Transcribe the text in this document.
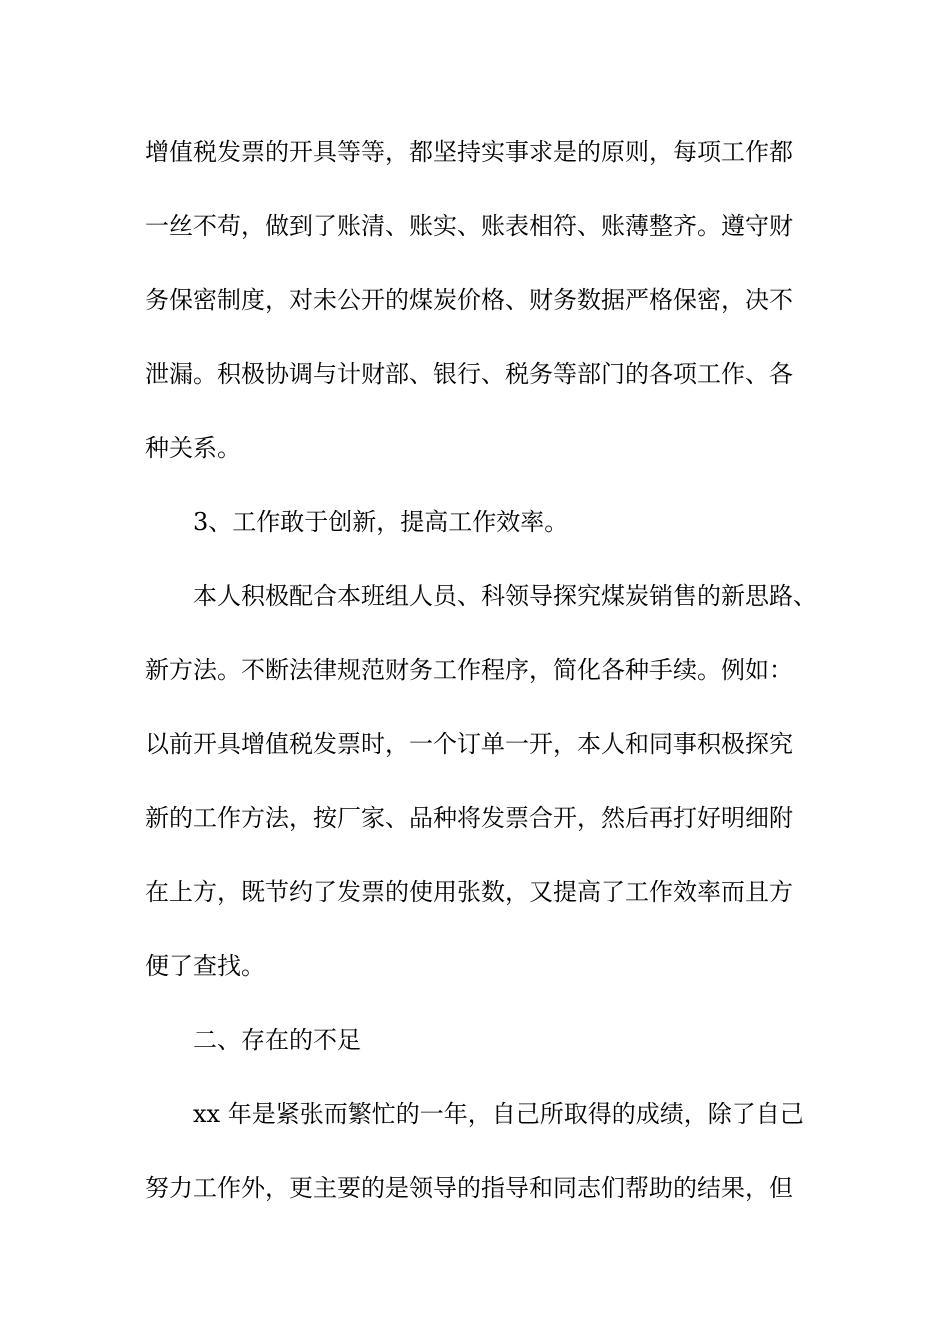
增值税发票的开具等等，都坚持实事求是的原则，每项工作都
一丝不苟，做到了账清、账实、账表相符、账薄整齐。遵守财
务保密制度，对未公开的煤炭价格、财务数据严格保密，决不
泄漏。积极协调与计财部、银行、税务等部门的各项工作、各
种关系。
3、工作敢于创新，提高工作效率。
本人积极配合本班组人员、科领导探究煤炭销售的新思路、
新方法。不断法律规范财务工作程序，简化各种手续。例如：
以前开具增值税发票时，一个订单一开，本人和同事积极探究
新的工作方法，按厂家、品种将发票合开，然后再打好明细附
在上方，既节约了发票的使用张数，又提高了工作效率而且方
便了查找。
二、存在的不足
xx 年是紧张而繁忙的一年，自己所取得的成绩，除了自己
努力工作外，更主要的是领导的指导和同志们帮助的结果，但
